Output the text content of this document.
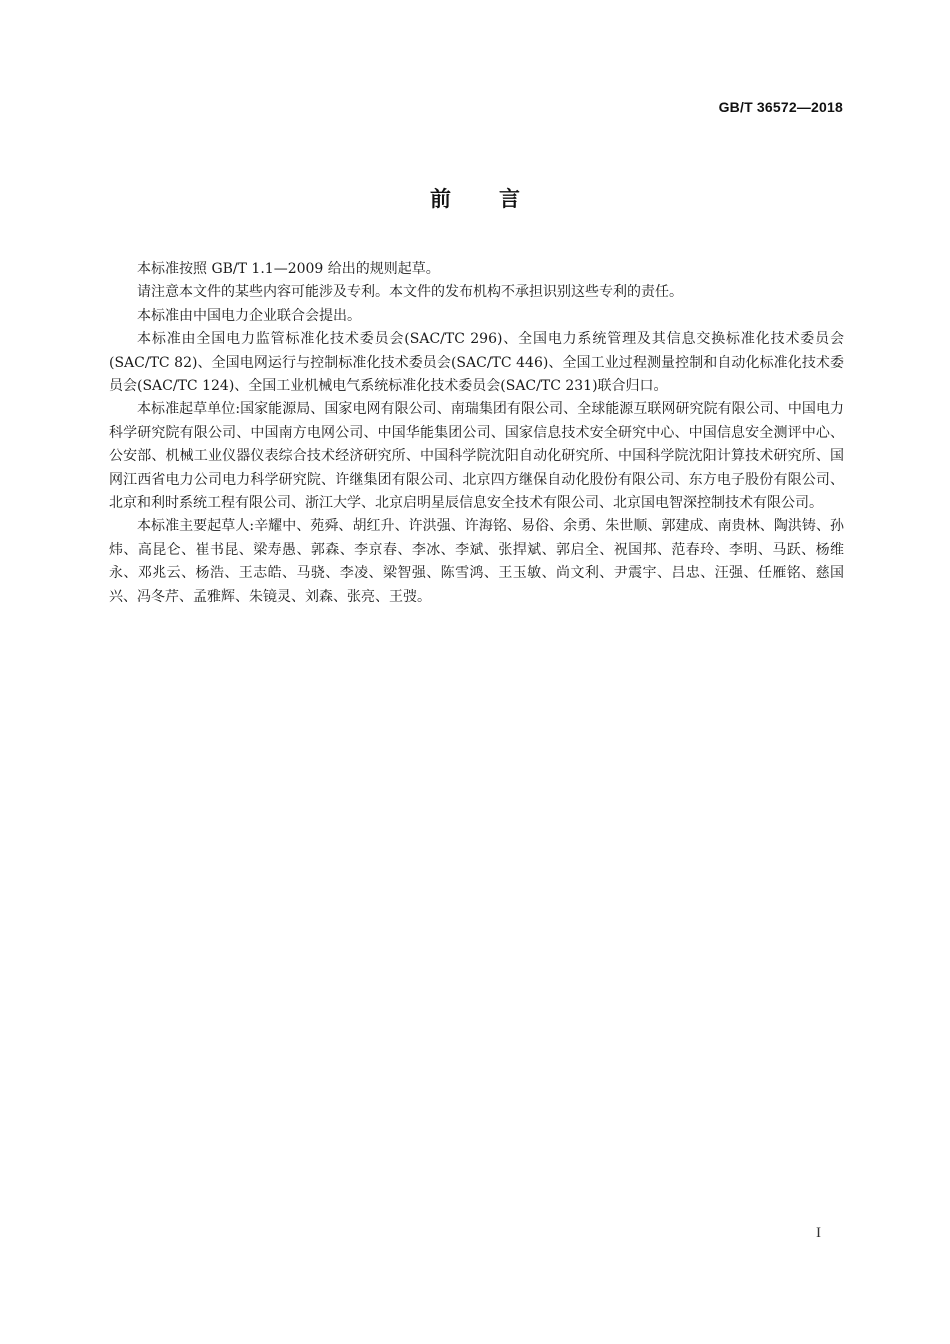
GB/T 36572—2018
前 言

本标准按照 GB/T 1.1—2009 给出的规则起草。

请注意本文件的某些内容可能涉及专利。本文件的发布机构不承担识别这些专利的责任。

本标准由中国电力企业联合会提出。

本标准由全国电力监管标准化技术委员会(SAC/TC 296)、全国电力系统管理及其信息交换标准化技术委员会(SAC/TC 82)、全国电网运行与控制标准化技术委员会(SAC/TC 446)、全国工业过程测量控制和自动化标准化技术委员会(SAC/TC 124)、全国工业机械电气系统标准化技术委员会(SAC/TC 231)联合归口。

本标准起草单位:国家能源局、国家电网有限公司、南瑞集团有限公司、全球能源互联网研究院有限公司、中国电力科学研究院有限公司、中国南方电网公司、中国华能集团公司、国家信息技术安全研究中心、中国信息安全测评中心、公安部、机械工业仪器仪表综合技术经济研究所、中国科学院沈阳自动化研究所、中国科学院沈阳计算技术研究所、国网江西省电力公司电力科学研究院、许继集团有限公司、北京四方继保自动化股份有限公司、东方电子股份有限公司、北京和利时系统工程有限公司、浙江大学、北京启明星辰信息安全技术有限公司、北京国电智深控制技术有限公司。

本标准主要起草人:辛耀中、苑舜、胡红升、许洪强、许海铭、易俗、余勇、朱世顺、郭建成、南贵林、陶洪铸、孙炜、高昆仑、崔书昆、梁寿愚、郭森、李京春、李冰、李斌、张捍斌、郭启全、祝国邦、范春玲、李明、马跃、杨维永、邓兆云、杨浩、王志皓、马骁、李凌、梁智强、陈雪鸿、王玉敏、尚文利、尹震宇、吕忠、汪强、任雁铭、慈国兴、冯冬芹、孟雅辉、朱镜灵、刘森、张亮、王弢。

I
